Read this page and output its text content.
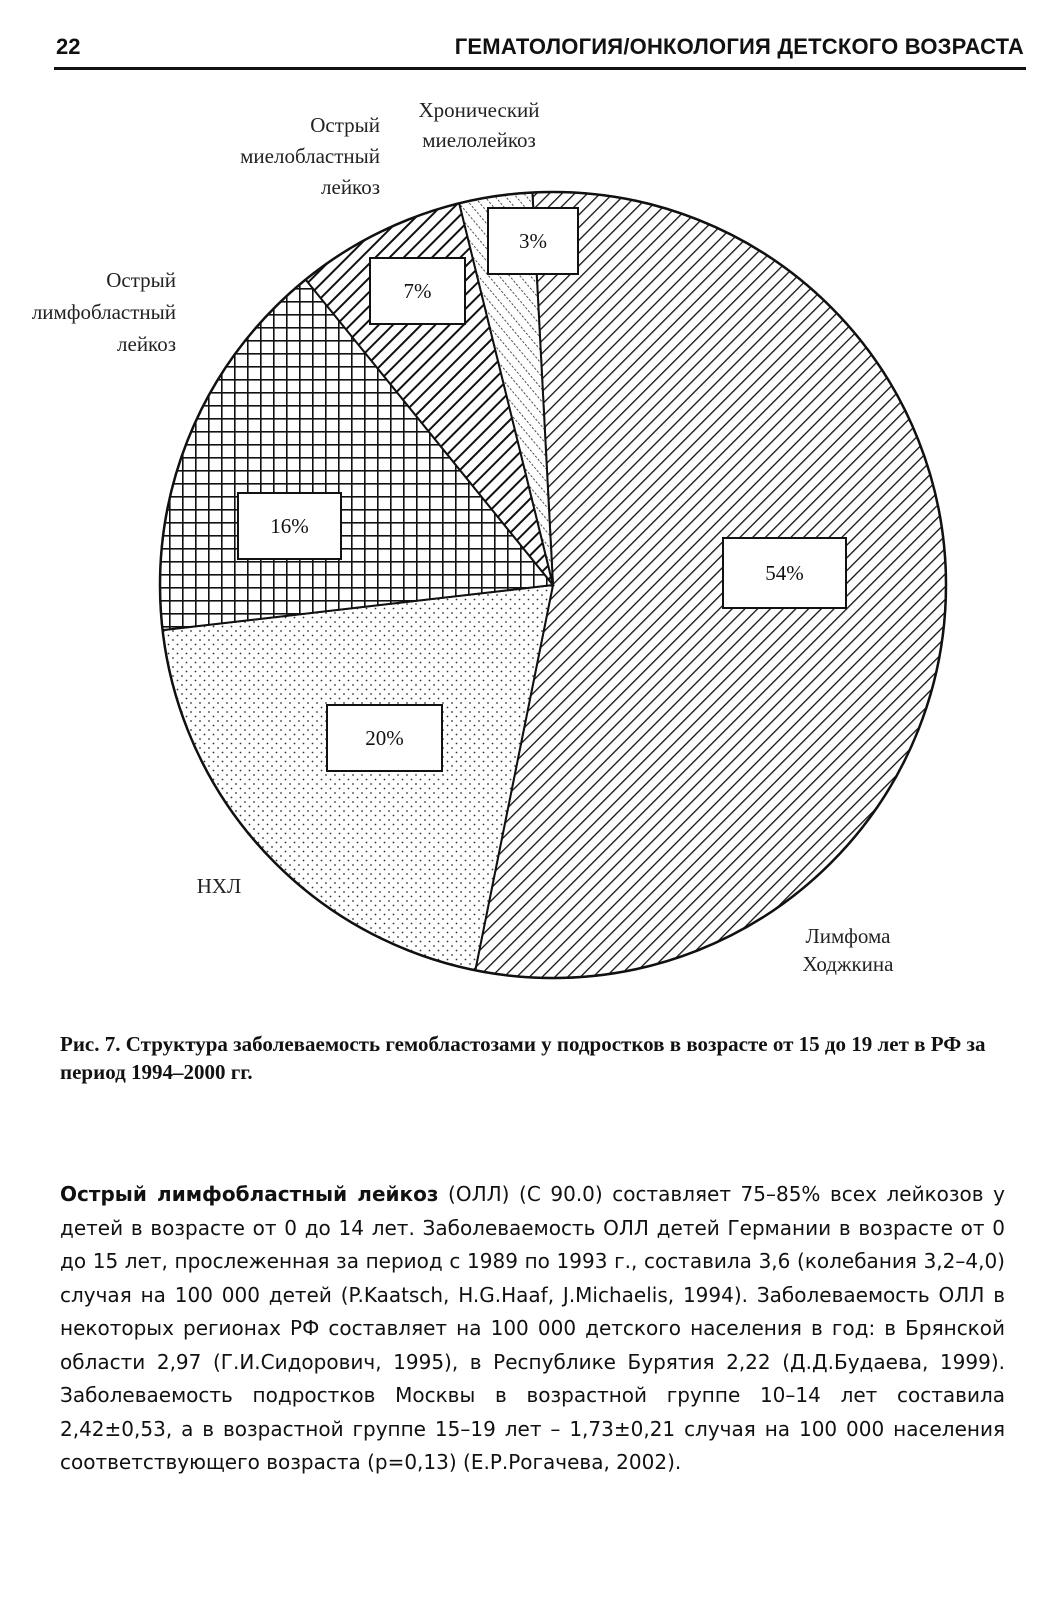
22	ГЕМАТОЛОГИЯ/ОНКОЛОГИЯ ДЕТСКОГО ВОЗРАСТА
54%
Лимфома Ходжкина
20%
НХЛ
16%
Острый лимфобластный лейкоз
7%
Острый миелобластный лейкоз
3%
Хронический миелолейкоз
Рис. 7. Структура заболеваемость гемобластозами у подростков в возрасте от 15 до 19 лет в РФ за период 1994–2000 гг.
Острый лимфобластный лейкоз (ОЛЛ) (С 90.0) составляет 75–85% всех лейкозов у детей в возрасте от 0 до 14 лет. Заболеваемость ОЛЛ детей Германии в возрасте от 0 до 15 лет, прослеженная за период с 1989 по 1993 г., составила 3,6 (колебания 3,2–4,0) случая на 100 000 детей (P.Kaatsch, H.G.Haaf, J.Michaelis, 1994). Заболеваемость ОЛЛ в некоторых регионах РФ составляет на 100 000 детского населения в год: в Брянской области 2,97 (Г.И.Сидорович, 1995), в Республике Бурятия 2,22 (Д.Д.Будаева, 1999). Заболеваемость подростков Москвы в возрастной группе 10–14 лет составила 2,42±0,53, а в возрастной группе 15–19 лет – 1,73±0,21 случая на 100 000 населения соответствующего возраста (p=0,13) (Е.Р.Рогачева, 2002).
